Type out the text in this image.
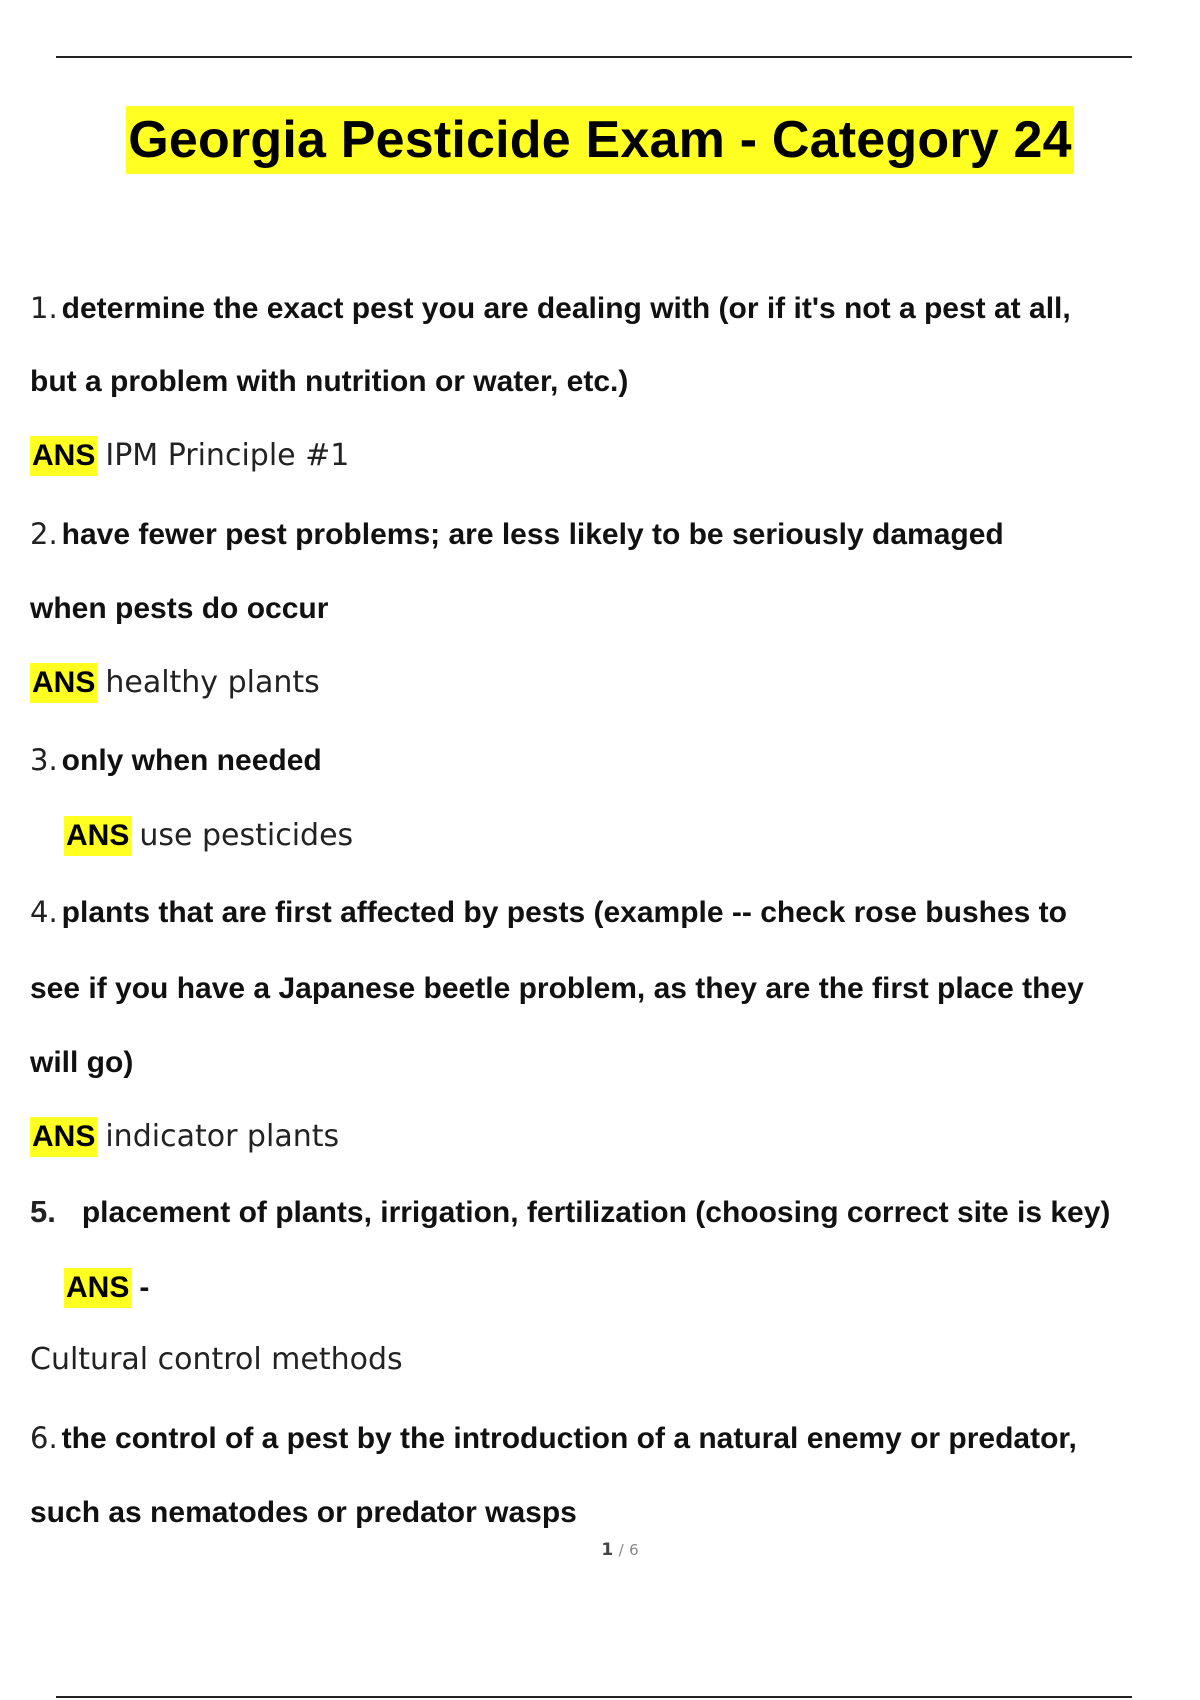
Georgia Pesticide Exam - Category 24
1. determine the exact pest you are dealing with (or if it's not a pest at all,
but a problem with nutrition or water, etc.)
ANS IPM Principle #1
2. have fewer pest problems; are less likely to be seriously damaged
when pests do occur
ANS healthy plants
3. only when needed
ANS use pesticides
4. plants that are first affected by pests (example -- check rose bushes to
see if you have a Japanese beetle problem, as they are the first place they
will go)
ANS indicator plants
5. placement of plants, irrigation, fertilization (choosing correct site is key)
ANS -
Cultural control methods
6. the control of a pest by the introduction of a natural enemy or predator,
such as nematodes or predator wasps
1 / 6
